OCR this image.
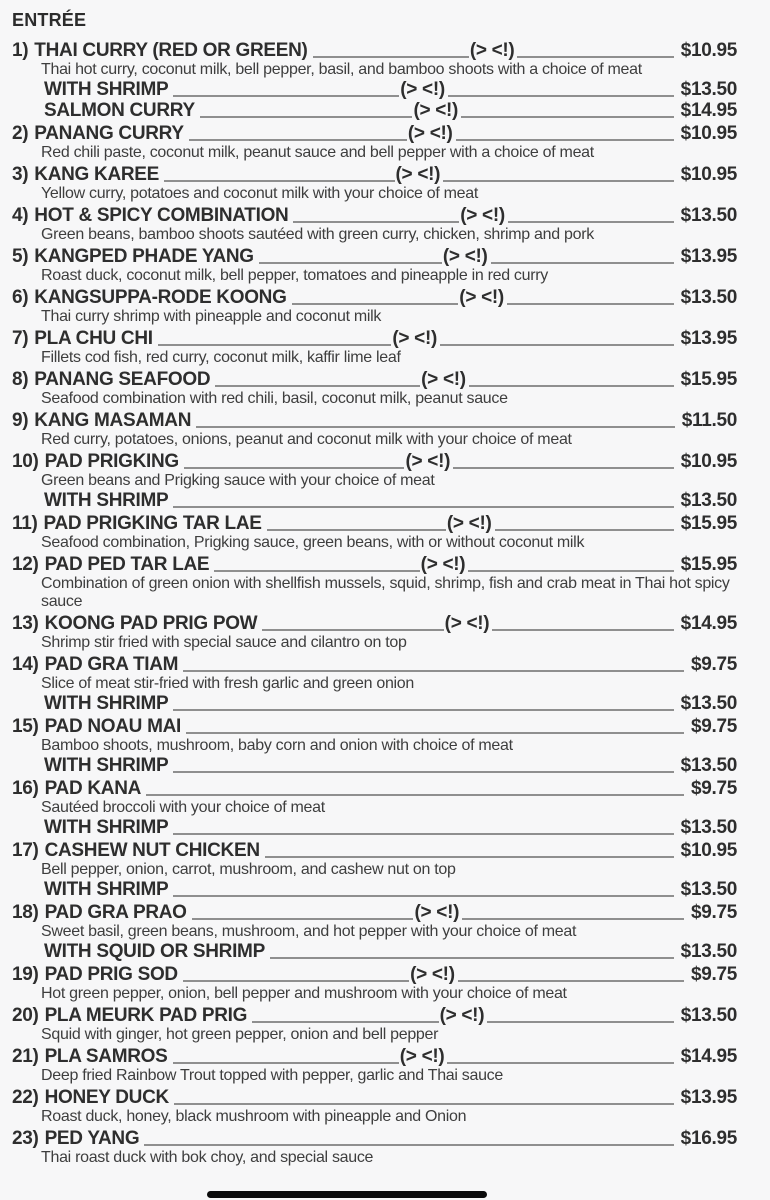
ENTRÉE
1) THAI CURRY (RED OR GREEN)	(> <!)	$10.95
Thai hot curry, coconut milk, bell pepper, basil, and bamboo shoots with a choice of meat
WITH SHRIMP	(> <!)	$13.50
SALMON CURRY	(> <!)	$14.95
2) PANANG CURRY	(> <!)	$10.95
Red chili paste, coconut milk, peanut sauce and bell pepper with a choice of meat
3) KANG KAREE	(> <!)	$10.95
Yellow curry, potatoes and coconut milk with your choice of meat
4) HOT & SPICY COMBINATION	(> <!)	$13.50
Green beans, bamboo shoots sautéed with green curry, chicken, shrimp and pork
5) KANGPED PHADE YANG	(> <!)	$13.95
Roast duck, coconut milk, bell pepper, tomatoes and pineapple in red curry
6) KANGSUPPA-RODE KOONG	(> <!)	$13.50
Thai curry shrimp with pineapple and coconut milk
7) PLA CHU CHI	(> <!)	$13.95
Fillets cod fish, red curry, coconut milk, kaffir lime leaf
8) PANANG SEAFOOD	(> <!)	$15.95
Seafood combination with red chili, basil, coconut milk, peanut sauce
9) KANG MASAMAN	$11.50
Red curry, potatoes, onions, peanut and coconut milk with your choice of meat
10) PAD PRIGKING	(> <!)	$10.95
Green beans and Prigking sauce with your choice of meat
WITH SHRIMP	$13.50
11) PAD PRIGKING TAR LAE	(> <!)	$15.95
Seafood combination, Prigking sauce, green beans, with or without coconut milk
12) PAD PED TAR LAE	(> <!)	$15.95
Combination of green onion with shellfish mussels, squid, shrimp, fish and crab meat in Thai hot spicy sauce
13) KOONG PAD PRIG POW	(> <!)	$14.95
Shrimp stir fried with special sauce and cilantro on top
14) PAD GRA TIAM	$9.75
Slice of meat stir-fried with fresh garlic and green onion
WITH SHRIMP	$13.50
15) PAD NOAU MAI	$9.75
Bamboo shoots, mushroom, baby corn and onion with choice of meat
WITH SHRIMP	$13.50
16) PAD KANA	$9.75
Sautéed broccoli with your choice of meat
WITH SHRIMP	$13.50
17) CASHEW NUT CHICKEN	$10.95
Bell pepper, onion, carrot, mushroom, and cashew nut on top
WITH SHRIMP	$13.50
18) PAD GRA PRAO	(> <!)	$9.75
Sweet basil, green beans, mushroom, and hot pepper with your choice of meat
WITH SQUID OR SHRIMP	$13.50
19) PAD PRIG SOD	(> <!)	$9.75
Hot green pepper, onion, bell pepper and mushroom with your choice of meat
20) PLA MEURK PAD PRIG	(> <!)	$13.50
Squid with ginger, hot green pepper, onion and bell pepper
21) PLA SAMROS	(> <!)	$14.95
Deep fried Rainbow Trout topped with pepper, garlic and Thai sauce
22) HONEY DUCK	$13.95
Roast duck, honey, black mushroom with pineapple and Onion
23) PED YANG	$16.95
Thai roast duck with bok choy, and special sauce
